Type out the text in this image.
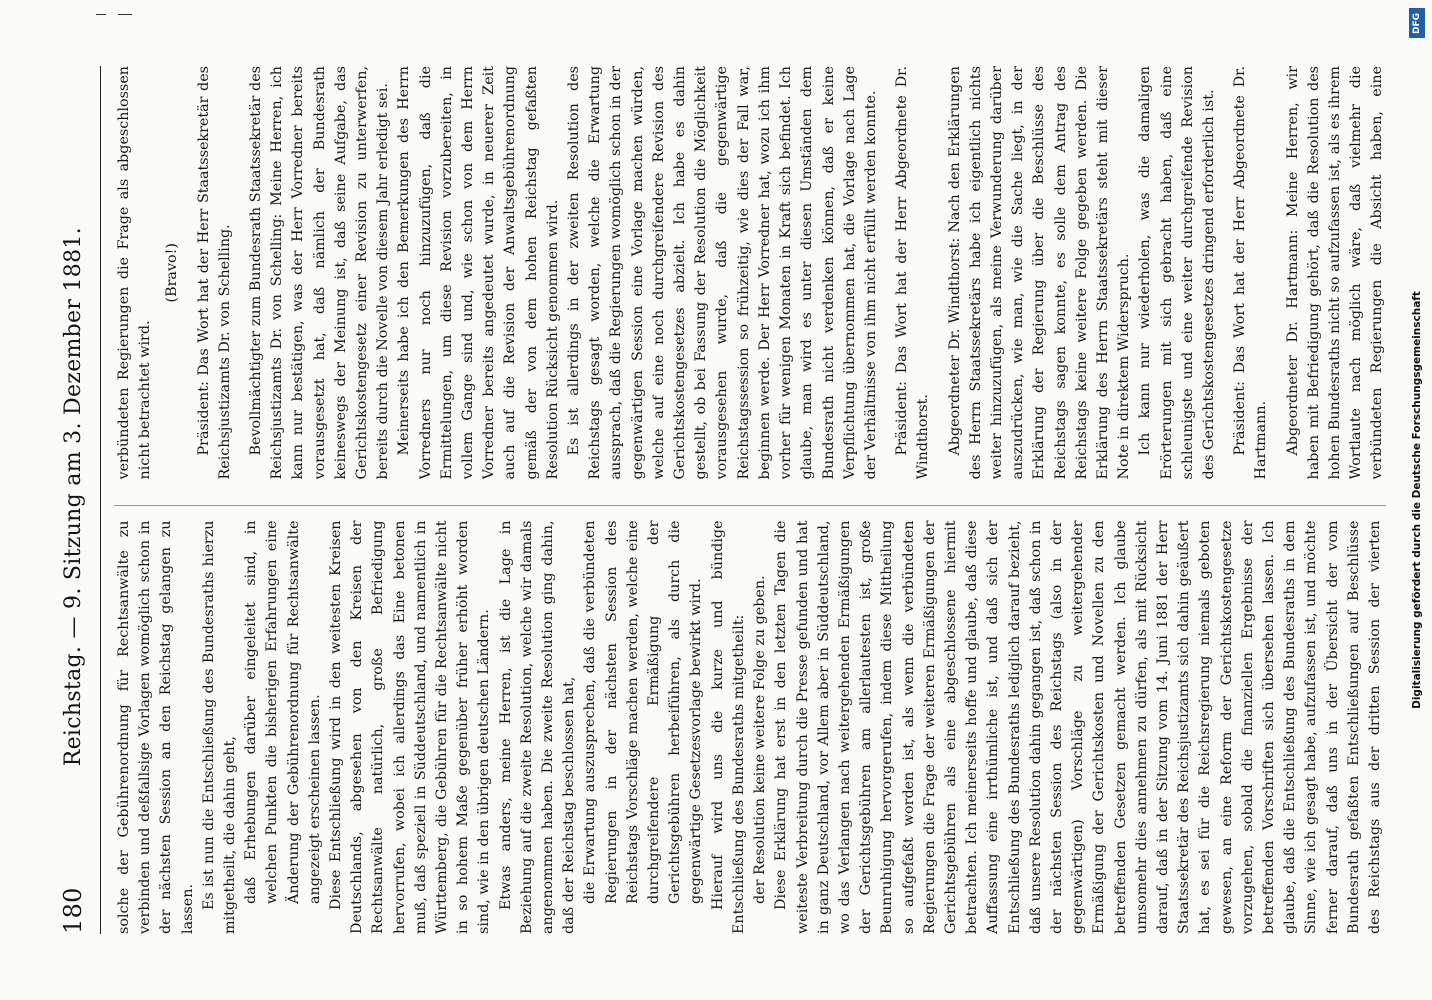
180
Reichstag. — 9. Sitzung am 3. Dezember 1881. solche der Gebührenordnung für Rechtsanwälte zu verbinden und deßfallsige Vorlagen womöglich schon in der nächsten Session an den Reichstag gelangen zu lassen. Es ist nun die Entschließung des Bundesraths hierzu mitgetheilt, die dahin geht, daß Erhebungen darüber eingeleitet sind, in welchen Punkten die bisherigen Erfahrungen eine Änderung der Gebührenordnung für Rechtsanwälte angezeigt erscheinen lassen. Diese Entschließung wird in den weitesten Kreisen Deutschlands, abgesehen von den Kreisen der Rechtsanwälte natürlich, große Befriedigung hervorrufen, wobei ich allerdings das Eine betonen muß, daß speziell in Süddeutschland, und namentlich in Württemberg, die Gebühren für die Rechtsanwälte nicht in so hohem Maße gegenüber früher erhöht worden sind, wie in den übrigen deutschen Ländern. Etwas anders, meine Herren, ist die Lage in Beziehung auf die zweite Resolution, welche wir damals angenommen haben. Die zweite Resolution ging dahin, daß der Reichstag beschlossen hat, die Erwartung auszusprechen, daß die verbündeten Regierungen in der nächsten Session des Reichstags Vorschläge machen werden, welche eine durchgreifendere Ermäßigung der Gerichtsgebühren herbeiführen, als durch die gegenwärtige Gesetzesvorlage bewirkt wird. Hierauf wird uns die kurze und bündige Entschließung des Bundesraths mitgetheilt: der Resolution keine weitere Folge zu geben. Diese Erklärung hat erst in den letzten Tagen die weiteste Verbreitung durch die Presse gefunden und hat in ganz Deutschland, vor Allem aber in Süddeutschland, wo das Verlangen nach weitergehenden Ermäßigungen der Gerichtsgebühren am allerlautesten ist, große Beunruhigung hervorgerufen, indem diese Mittheilung so aufgefaßt worden ist, als wenn die verbündeten Regierungen die Frage der weiteren Ermäßigungen der Gerichtsgebühren als eine abgeschlossene hiermit betrachten. Ich meinerseits hoffe und glaube, daß diese Auffassung eine irrthümliche ist, und daß sich der Entschließung des Bundesraths lediglich darauf bezieht, daß unsere Resolution dahin gegangen ist, daß schon in der nächsten Session des Reichstags (also in der gegenwärtigen) Vorschläge zu weitergehender Ermäßigung der Gerichtskosten und Novellen zu den betreffenden Gesetzen gemacht werden. Ich glaube umsomehr dies annehmen zu dürfen, als mit Rücksicht darauf, daß in der Sitzung vom 14. Juni 1881 der Herr Staatssekretär des Reichsjustizamts sich dahin geäußert hat, es sei für die Reichsregierung niemals geboten gewesen, an eine Reform der Gerichtskostengesetze vorzugehen, sobald die finanziellen Ergebnisse der betreffenden Vorschriften sich übersehen lassen. Ich glaube, daß die Entschließung des Bundesraths in dem Sinne, wie ich gesagt habe, aufzufassen ist, und möchte ferner darauf, daß uns in der Übersicht der vom Bundesrath gefaßten Entschließungen auf Beschlüsse des Reichstags aus der dritten Session der vierten

verbündeten Regierungen die Frage als abgeschlossen nicht betrachtet wird.

(Bravo!) Präsident: Das Wort hat der Herr Staatssekretär des Reichsjustizamts Dr. von Schelling. Bevollmächtigter zum Bundesrath Staatssekretär des Reichsjustizamts Dr. von Schelling: Meine Herren, ich kann nur bestätigen, was der Herr Vorredner bereits vorausgesetzt hat, daß nämlich der Bundesrath keineswegs der Meinung ist, daß seine Aufgabe, das Gerichtskostengesetz einer Revision zu unterwerfen, bereits durch die Novelle von diesem Jahr erledigt sei. Meinerseits habe ich den Bemerkungen des Herrn Vorredners nur noch hinzuzufügen, daß die Ermittelungen, um diese Revision vorzubereiten, in vollem Gange sind und, wie schon von dem Herrn Vorredner bereits angedeutet wurde, in neuerer Zeit auch auf die Revision der Anwaltsgebührenordnung gemäß der von dem hohen Reichstag gefaßten Resolution Rücksicht genommen wird. Es ist allerdings in der zweiten Resolution des Reichstags gesagt worden, welche die Erwartung aussprach, daß die Regierungen womöglich schon in der gegenwärtigen Session eine Vorlage machen würden, welche auf eine noch durchgreifendere Revision des Gerichtskostengesetzes abzielt. Ich habe es dahin gestellt, ob bei Fassung der Resolution die Möglichkeit vorausgesehen wurde, daß die gegenwärtige Reichstagssession so frühzeitig, wie dies der Fall war, beginnen werde. Der Herr Vorredner hat, wozu ich ihm vorher für wenigen Monaten in Kraft sich befindet. Ich glaube, man wird es unter diesen Umständen dem Bundesrath nicht verdenken können, daß er keine Verpflichtung übernommen hat, die Vorlage nach Lage der Verhältnisse von ihm nicht erfüllt werden konnte. Präsident: Das Wort hat der Herr Abgeordnete Dr. Windthorst. Abgeordneter Dr. Windthorst: Nach den Erklärungen des Herrn Staatssekretärs habe ich eigentlich nichts weiter hinzuzufügen, als meine Verwunderung darüber auszudrücken, wie man, wie die Sache liegt, in der Erklärung der Regierung über die Beschlüsse des Reichstags sagen konnte, es solle dem Antrag des Reichstags keine weitere Folge gegeben werden. Die Erklärung des Herrn Staatssekretärs steht mit dieser Note in direktem Widerspruch. Ich kann nur wiederholen, was die damaligen Erörterungen mit sich gebracht haben, daß eine schleunigste und eine weiter durchgreifende Revision des Gerichtskostengesetzes dringend erforderlich ist. Präsident: Das Wort hat der Herr Abgeordnete Dr. Hartmann. Abgeordneter Dr. Hartmann: Meine Herren, wir haben mit Befriedigung gehört, daß die Resolution des hohen Bundesraths nicht so aufzufassen ist, als es ihrem Wortlaute nach möglich wäre, daß vielmehr die verbündeten Regierungen die Absicht haben, eine

DFG
Digitalisierung gefördert durch die Deutsche Forschungsgemeinschaft
